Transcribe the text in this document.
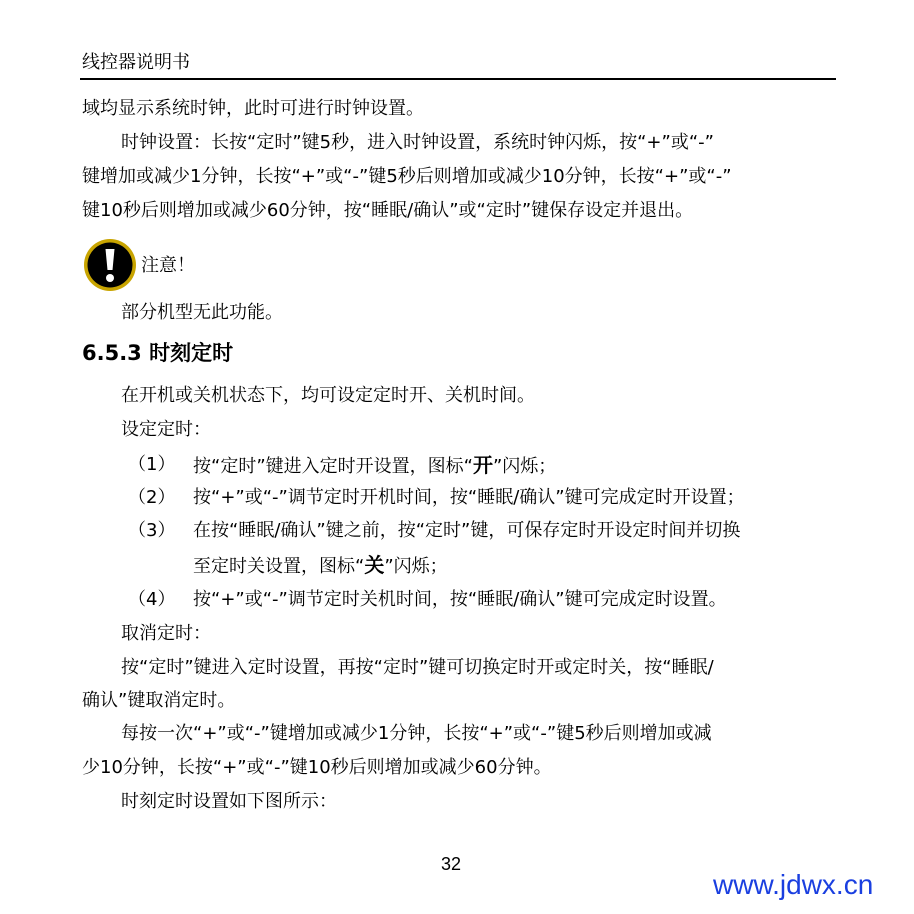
线控器说明书
域均显示系统时钟，此时可进行时钟设置。
时钟设置：长按“定时”键5秒，进入时钟设置，系统时钟闪烁，按“+”或“-”
键增加或减少1分钟，长按“+”或“-”键5秒后则增加或减少10分钟，长按“+”或“-”
键10秒后则增加或减少60分钟，按“睡眠/确认”或“定时”键保存设定并退出。
注意！
部分机型无此功能。
6.5.3 时刻定时
在开机或关机状态下，均可设定定时开、关机时间。
设定定时：
（1） 按“定时”键进入定时开设置，图标“开”闪烁；
（2） 按“+”或“-”调节定时开机时间，按“睡眠/确认”键可完成定时开设置；
（3） 在按“睡眠/确认”键之前，按“定时”键，可保存定时开设定时间并切换
至定时关设置，图标“关”闪烁；
（4） 按“+”或“-”调节定时关机时间，按“睡眠/确认”键可完成定时设置。
取消定时：
按“定时”键进入定时设置，再按“定时”键可切换定时开或定时关，按“睡眠/
确认”键取消定时。
每按一次“+”或“-”键增加或减少1分钟，长按“+”或“-”键5秒后则增加或减
少10分钟，长按“+”或“-”键10秒后则增加或减少60分钟。
时刻定时设置如下图所示：
32
www.jdwx.cn
